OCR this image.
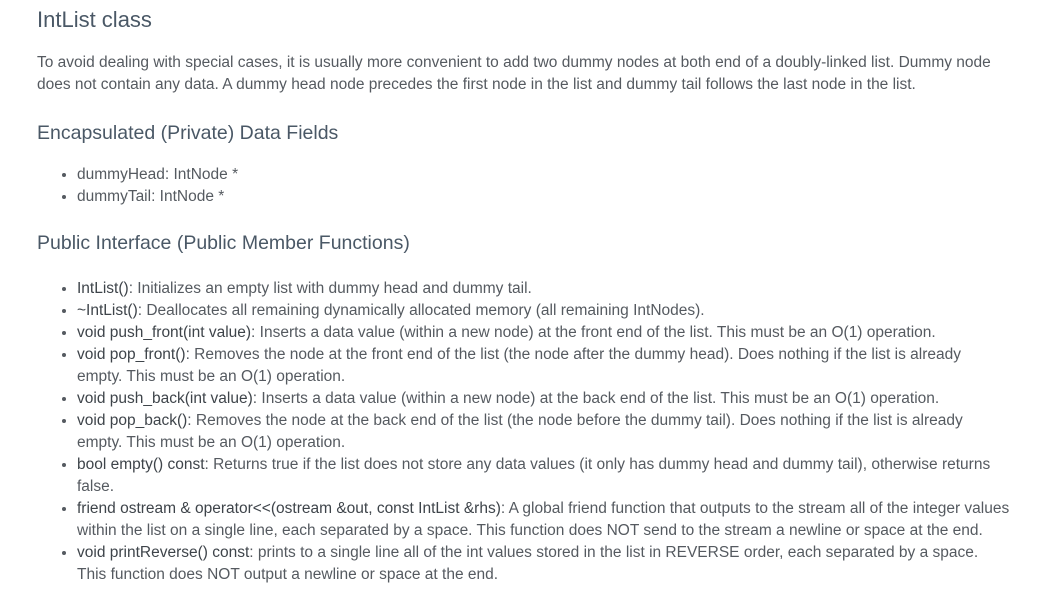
IntList class

To avoid dealing with special cases, it is usually more convenient to add two dummy nodes at both end of a doubly-linked list. Dummy node does not contain any data. A dummy head node precedes the first node in the list and dummy tail follows the last node in the list.

Encapsulated (Private) Data Fields
• dummyHead: IntNode *
• dummyTail: IntNode *
Public Interface (Public Member Functions)
• IntList(): Initializes an empty list with dummy head and dummy tail.
• ~IntList(): Deallocates all remaining dynamically allocated memory (all remaining IntNodes).
• void push_front(int value): Inserts a data value (within a new node) at the front end of the list. This must be an O(1) operation.
• void pop_front(): Removes the node at the front end of the list (the node after the dummy head). Does nothing if the list is already empty. This must be an O(1) operation.
• void push_back(int value): Inserts a data value (within a new node) at the back end of the list. This must be an O(1) operation.
• void pop_back(): Removes the node at the back end of the list (the node before the dummy tail). Does nothing if the list is already empty. This must be an O(1) operation.
• bool empty() const: Returns true if the list does not store any data values (it only has dummy head and dummy tail), otherwise returns false.
• friend ostream & operator<<(ostream &out, const IntList &rhs): A global friend function that outputs to the stream all of the integer values within the list on a single line, each separated by a space. This function does NOT send to the stream a newline or space at the end.
• void printReverse() const: prints to a single line all of the int values stored in the list in REVERSE order, each separated by a space. This function does NOT output a newline or space at the end.
